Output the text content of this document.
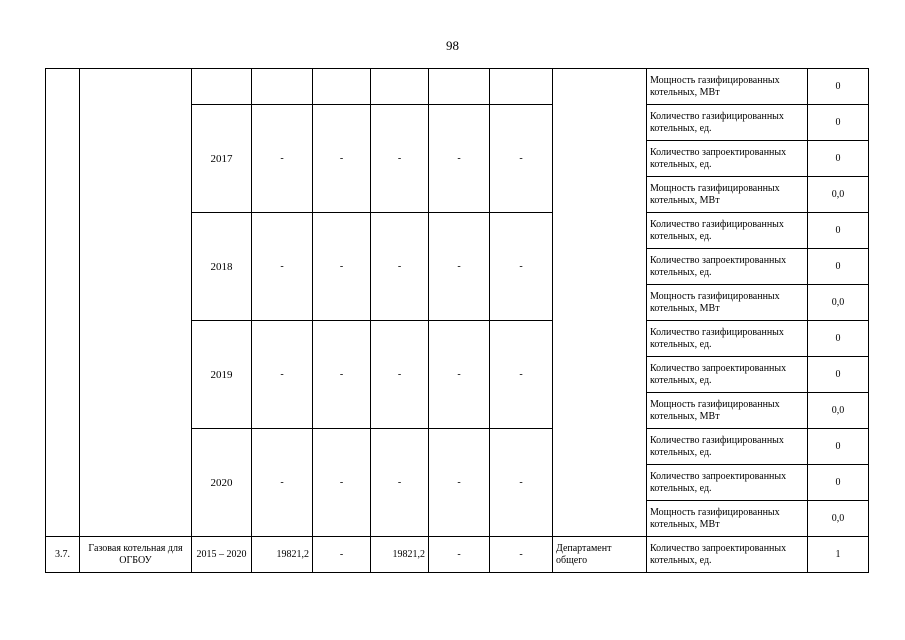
98
									Мощность газифицированных котельных, МВт	0
		2017	-	-	-	-	-		Количество газифицированных котельных, ед.	0
									Количество запроектированных котельных, ед.	0
									Мощность газифицированных котельных, МВт	0,0
		2018	-	-	-	-	-		Количество газифицированных котельных, ед.	0
									Количество запроектированных котельных, ед.	0
									Мощность газифицированных котельных, МВт	0,0
		2019	-	-	-	-	-		Количество газифицированных котельных, ед.	0
									Количество запроектированных котельных, ед.	0
									Мощность газифицированных котельных, МВт	0,0
		2020	-	-	-	-	-		Количество газифицированных котельных, ед.	0
									Количество запроектированных котельных, ед.	0
									Мощность газифицированных котельных, МВт	0,0
3.7.	Газовая котельная для ОГБОУ	2015 – 2020	19821,2	-	19821,2	-	-	Департамент общего	Количество запроектированных котельных, ед.	1
